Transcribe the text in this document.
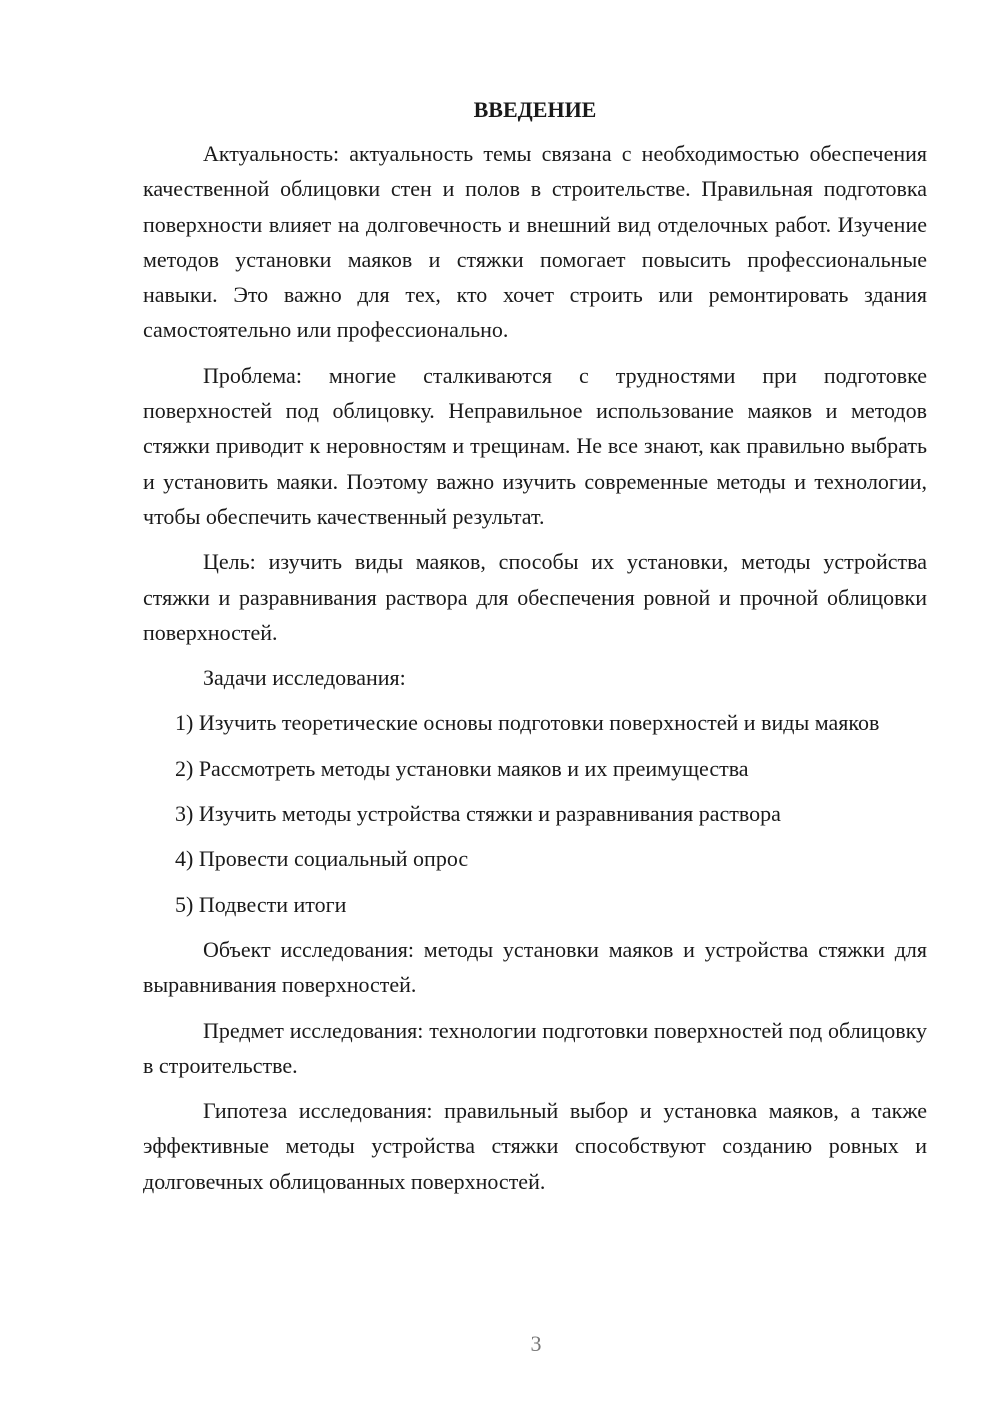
ВВЕДЕНИЕ

Актуальность: актуальность темы связана с необходимостью обеспечения качественной облицовки стен и полов в строительстве. Правильная подготовка поверхности влияет на долговечность и внешний вид отделочных работ. Изучение методов установки маяков и стяжки помогает повысить профессиональные навыки. Это важно для тех, кто хочет строить или ремонтировать здания самостоятельно или профессионально.

Проблема: многие сталкиваются с трудностями при подготовке поверхностей под облицовку. Неправильное использование маяков и методов стяжки приводит к неровностям и трещинам. Не все знают, как правильно выбрать и установить маяки. Поэтому важно изучить современные методы и технологии, чтобы обеспечить качественный результат.

Цель: изучить виды маяков, способы их установки, методы устройства стяжки и разравнивания раствора для обеспечения ровной и прочной облицовки поверхностей.

Задачи исследования:

1) Изучить теоретические основы подготовки поверхностей и виды маяков
2) Рассмотреть методы установки маяков и их преимущества
3) Изучить методы устройства стяжки и разравнивания раствора
4) Провести социальный опрос
5) Подвести итоги

Объект исследования: методы установки маяков и устройства стяжки для выравнивания поверхностей.

Предмет исследования: технологии подготовки поверхностей под облицовку в строительстве.

Гипотеза исследования: правильный выбор и установка маяков, а также эффективные методы устройства стяжки способствуют созданию ровных и долговечных облицованных поверхностей.

3
